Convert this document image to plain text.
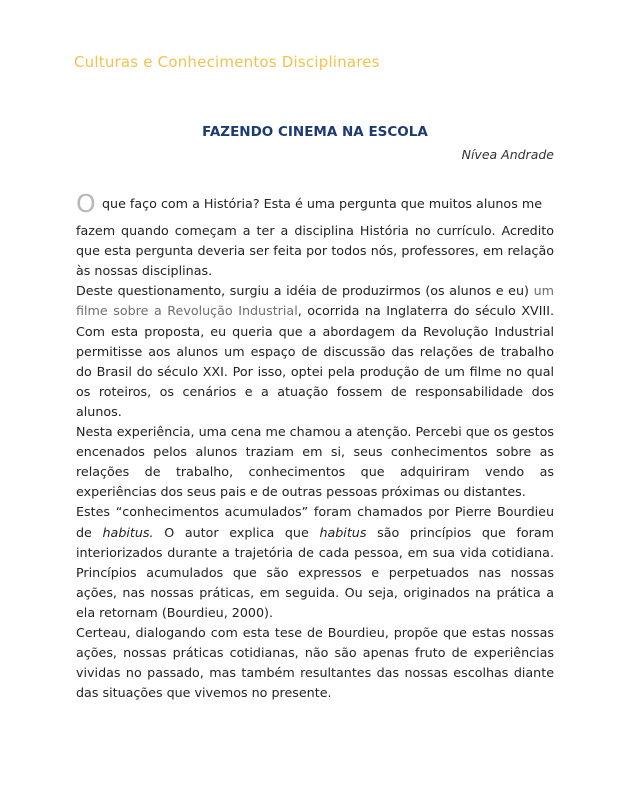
Culturas e Conhecimentos Disciplinares
FAZENDO CINEMA NA ESCOLA
Nívea Andrade
O que faço com a História? Esta é uma pergunta que muitos alunos me

fazem quando começam a ter a disciplina História no currículo. Acredito que esta pergunta deveria ser feita por todos nós, professores, em relação às nossas disciplinas.

Deste questionamento, surgiu a idéia de produzirmos (os alunos e eu) um filme sobre a Revolução Industrial, ocorrida na Inglaterra do século XVIII. Com esta proposta, eu queria que a abordagem da Revolução Industrial permitisse aos alunos um espaço de discussão das relações de trabalho do Brasil do século XXI. Por isso, optei pela produção de um filme no qual os roteiros, os cenários e a atuação fossem de responsabilidade dos alunos.

Nesta experiência, uma cena me chamou a atenção. Percebi que os gestos encenados pelos alunos traziam em si, seus conhecimentos sobre as relações de trabalho, conhecimentos que adquiriram vendo as experiências dos seus pais e de outras pessoas próximas ou distantes.

Estes “conhecimentos acumulados” foram chamados por Pierre Bourdieu de habitus. O autor explica que habitus são princípios que foram interiorizados durante a trajetória de cada pessoa, em sua vida cotidiana. Princípios acumulados que são expressos e perpetuados nas nossas ações, nas nossas práticas, em seguida. Ou seja, originados na prática a ela retornam (Bourdieu, 2000).

Certeau, dialogando com esta tese de Bourdieu, propõe que estas nossas ações, nossas práticas cotidianas, não são apenas fruto de experiências vividas no passado, mas também resultantes das nossas escolhas diante das situações que vivemos no presente.
